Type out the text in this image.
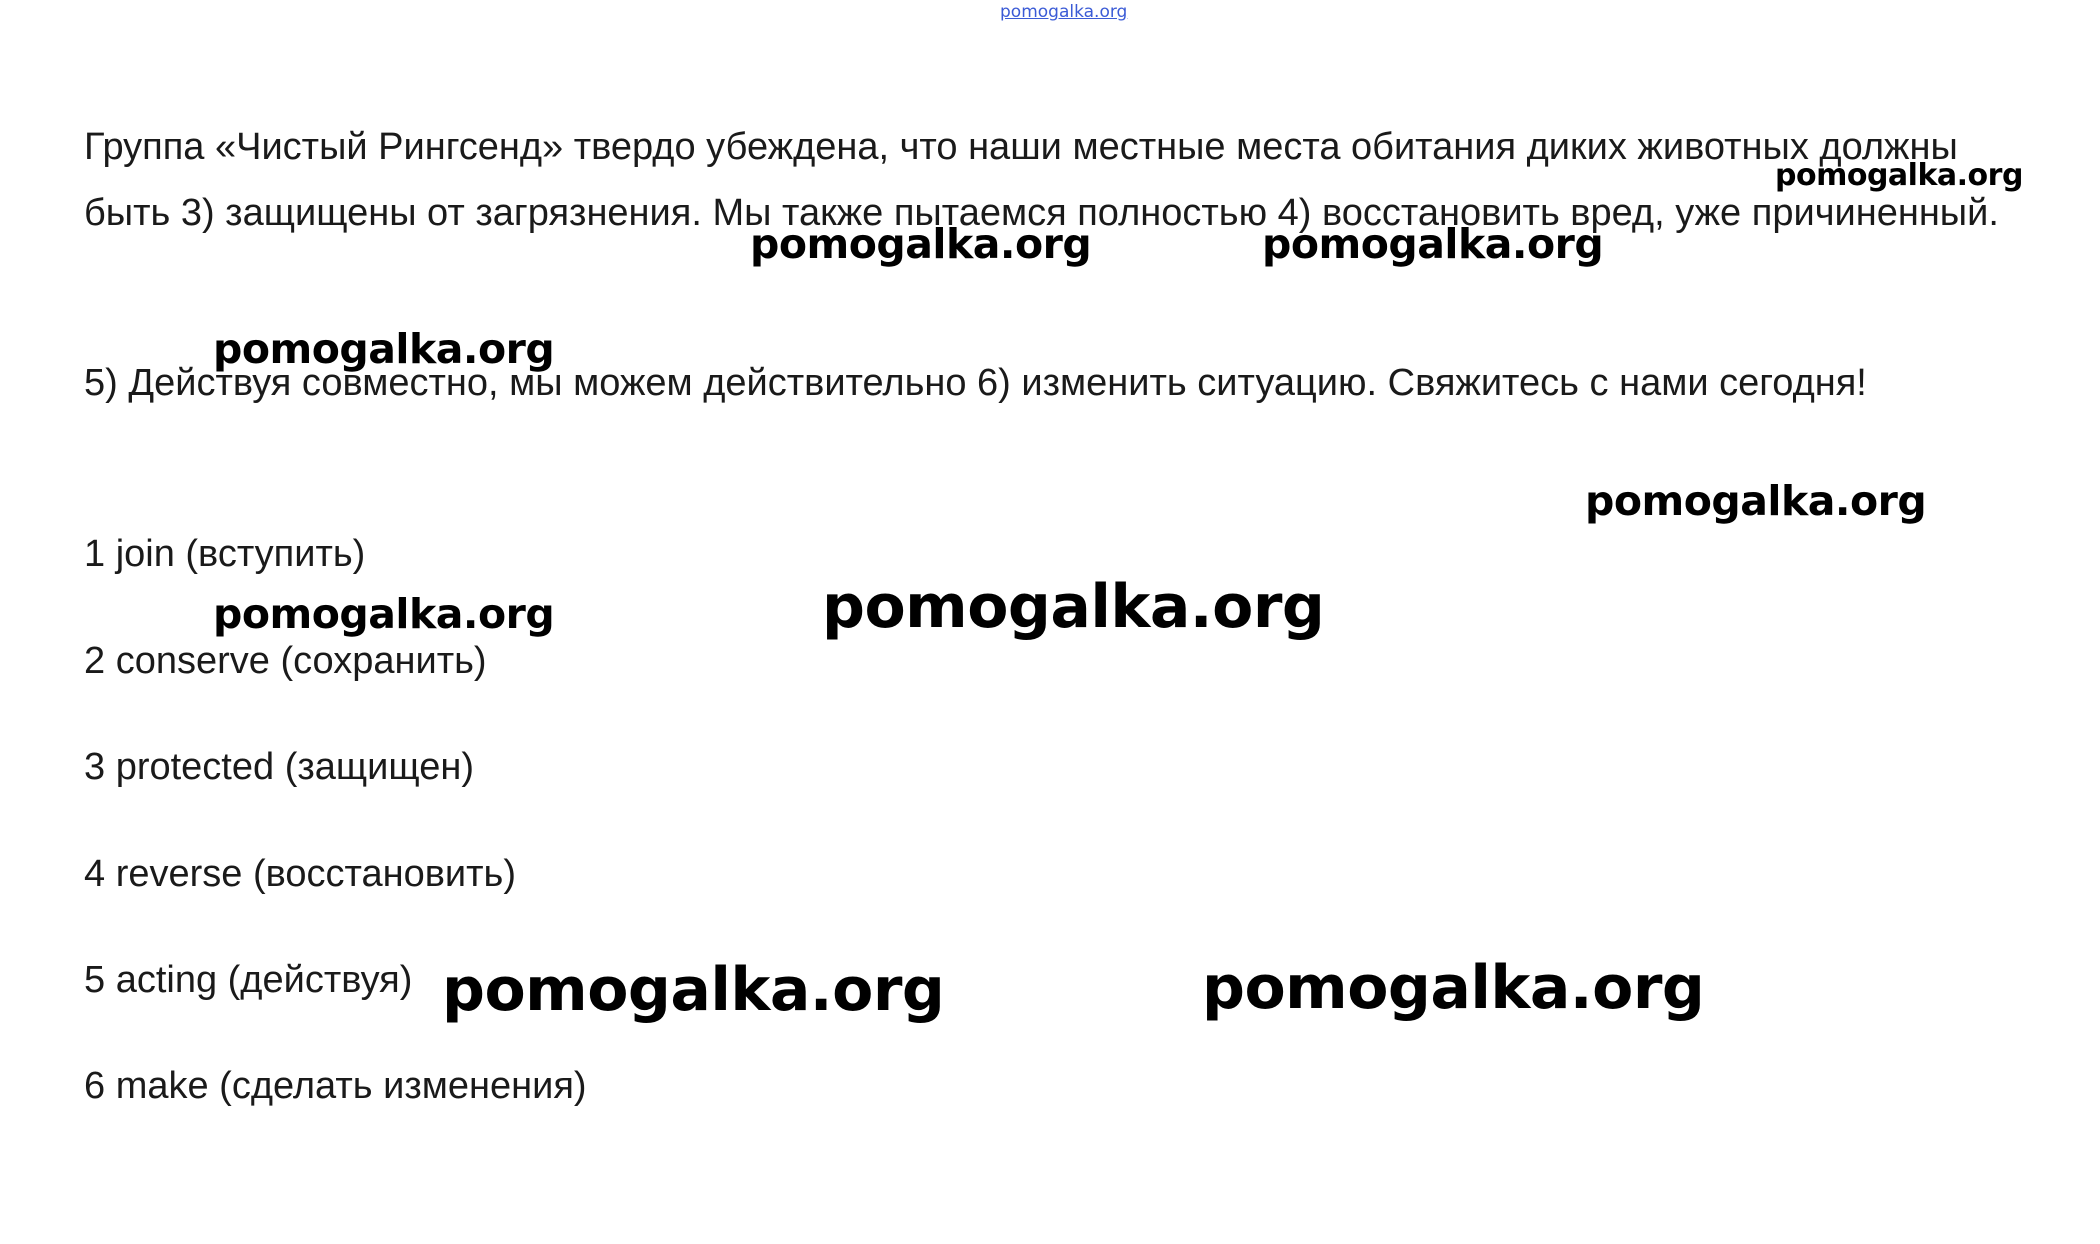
pomogalka.org

Группа «Чистый Рингсенд» твердо убеждена, что наши местные места обитания диких животных должны быть 3) защищены от загрязнения. Мы также пытаемся полностью 4) восстановить вред, уже причиненный.

5) Действуя совместно, мы можем действительно 6) изменить ситуацию. Свяжитесь с нами сегодня!

1 join (вступить)
2 conserve (сохранить)
3 protected (защищен)
4 reverse (восстановить)
5 acting (действуя)
6 make (сделать изменения)
pomogalka.org
pomogalka.org	pomogalka.org
pomogalka.org
pomogalka.org
pomogalka.org	pomogalka.org
pomogalka.org	pomogalka.org
